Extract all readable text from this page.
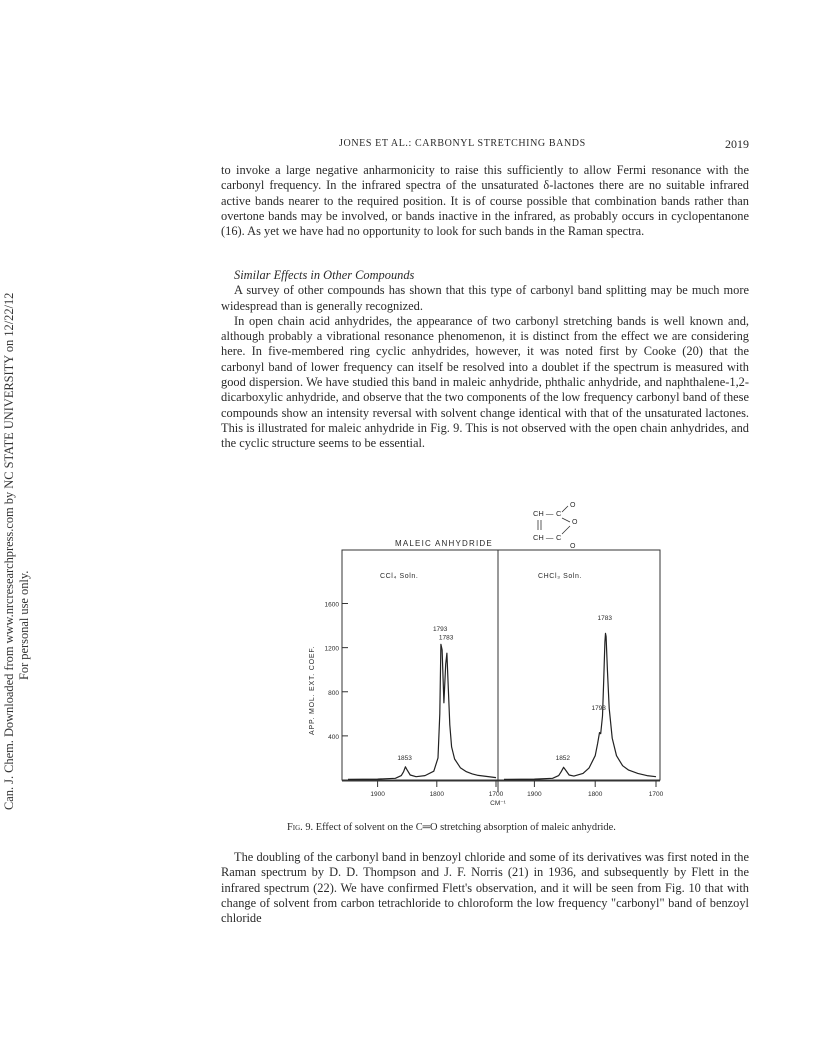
Can. J. Chem. Downloaded from www.nrcresearchpress.com by NC STATE UNIVERSITY on 12/22/12 For personal use only.
JONES ET AL.: CARBONYL STRETCHING BANDS	2019

to invoke a large negative anharmonicity to raise this sufficiently to allow Fermi resonance with the carbonyl frequency. In the infrared spectra of the unsaturated δ-lactones there are no suitable infrared active bands nearer to the required position. It is of course possible that combination bands rather than overtone bands may be involved, or bands inactive in the infrared, as probably occurs in cyclopentanone (16). As yet we have had no opportunity to look for such bands in the Raman spectra.

Similar Effects in Other Compounds

A survey of other compounds has shown that this type of carbonyl band splitting may be much more widespread than is generally recognized.

In open chain acid anhydrides, the appearance of two carbonyl stretching bands is well known and, although probably a vibrational resonance phenomenon, it is distinct from the effect we are considering here. In five-membered ring cyclic anhydrides, however, it was noted first by Cooke (20) that the carbonyl band of lower frequency can itself be resolved into a doublet if the spectrum is measured with good dispersion. We have studied this band in maleic anhydride, phthalic anhydride, and naphthalene-1,2-dicarboxylic anhydride, and observe that the two components of the low frequency carbonyl band of these compounds show an intensity reversal with solvent change identical with that of the unsaturated lactones. This is illustrated for maleic anhydride in Fig. 9. This is not observed with the open chain anhydrides, and the cyclic structure seems to be essential.

MALEIC ANHYDRIDE
CH — C
O
O
CH — C
O
1600
1200
800
400
APP. MOL. EXT. COEF.
CCl₄ Soln.
1853
1793
1783
1900	1800	1700
CHCl₃ Soln.
1852
1793
1783
1900	1800	1700
CM⁻¹
Fig. 9. Effect of solvent on the C═O stretching absorption of maleic anhydride.

The doubling of the carbonyl band in benzoyl chloride and some of its derivatives was first noted in the Raman spectrum by D. D. Thompson and J. F. Norris (21) in 1936, and subsequently by Flett in the infrared spectrum (22). We have confirmed Flett's observation, and it will be seen from Fig. 10 that with change of solvent from carbon tetrachloride to chloroform the low frequency "carbonyl" band of benzoyl chloride
